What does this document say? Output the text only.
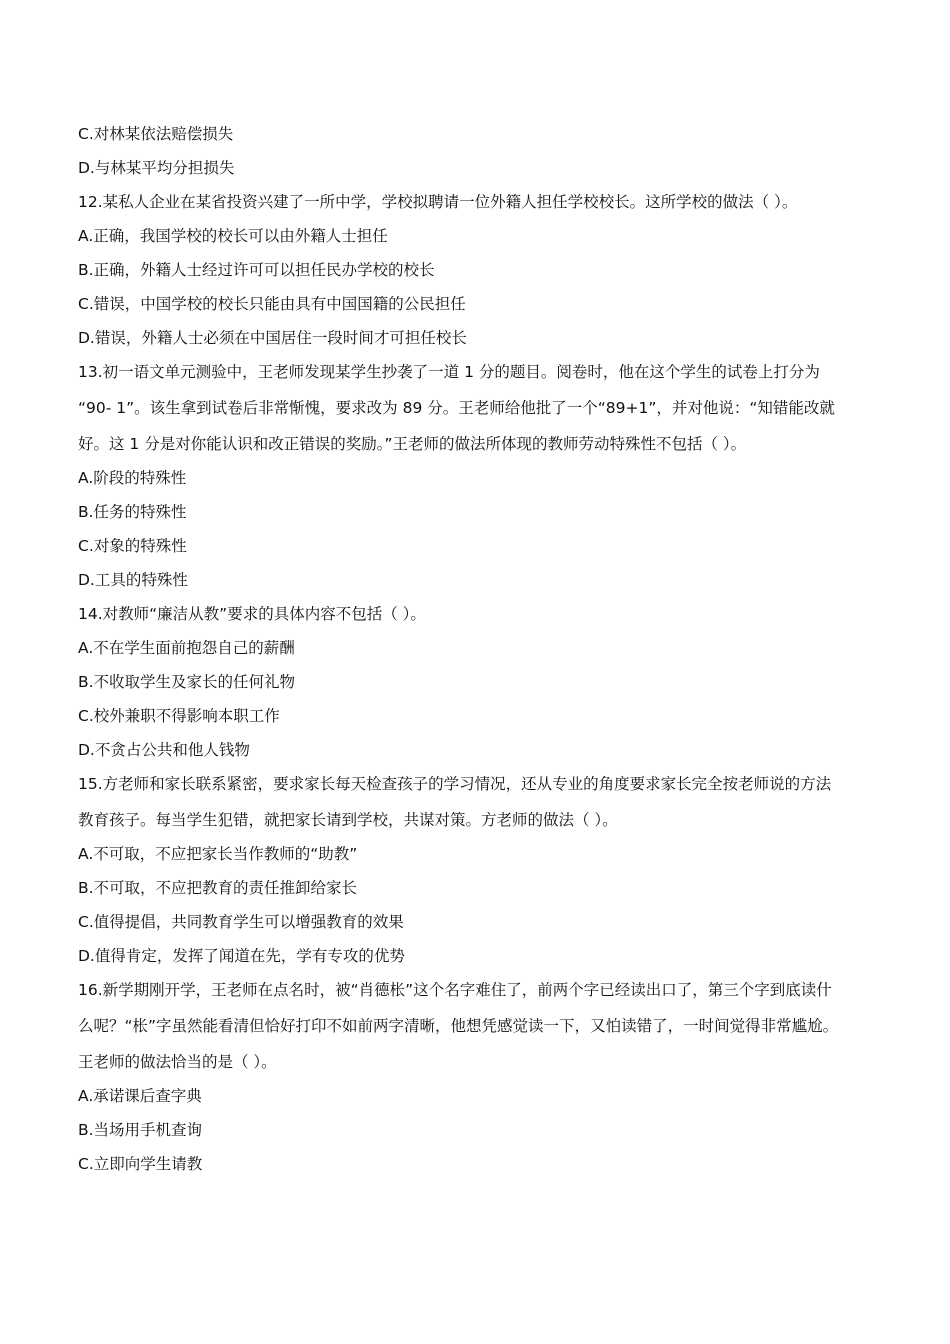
C.对林某依法赔偿损失

D.与林某平均分担损失

12.某私人企业在某省投资兴建了一所中学，学校拟聘请一位外籍人担任学校校长。这所学校的做法（ ）。

A.正确，我国学校的校长可以由外籍人士担任

B.正确，外籍人士经过许可可以担任民办学校的校长

C.错误，中国学校的校长只能由具有中国国籍的公民担任

D.错误，外籍人士必须在中国居住一段时间才可担任校长

13.初一语文单元测验中，王老师发现某学生抄袭了一道 1 分的题目。阅卷时，他在这个学生的试卷上打分为

“90- 1”。该生拿到试卷后非常惭愧，要求改为 89 分。王老师给他批了一个“89+1”，并对他说：“知错能改就

好。这 1 分是对你能认识和改正错误的奖励。”王老师的做法所体现的教师劳动特殊性不包括（ ）。

A.阶段的特殊性

B.任务的特殊性

C.对象的特殊性

D.工具的特殊性

14.对教师“廉洁从教”要求的具体内容不包括（ ）。

A.不在学生面前抱怨自己的薪酬

B.不收取学生及家长的任何礼物

C.校外兼职不得影响本职工作

D.不贪占公共和他人钱物

15.方老师和家长联系紧密，要求家长每天检查孩子的学习情况，还从专业的角度要求家长完全按老师说的方法

教育孩子。每当学生犯错，就把家长请到学校，共谋对策。方老师的做法（ ）。

A.不可取，不应把家长当作教师的“助教”

B.不可取，不应把教育的责任推卸给家长

C.值得提倡，共同教育学生可以增强教育的效果

D.值得肯定，发挥了闻道在先，学有专攻的优势

16.新学期刚开学，王老师在点名时，被“肖德枨”这个名字难住了，前两个字已经读出口了，第三个字到底读什

么呢？“枨”字虽然能看清但恰好打印不如前两字清晰，他想凭感觉读一下，又怕读错了，一时间觉得非常尴尬。

王老师的做法恰当的是（ ）。

A.承诺课后查字典

B.当场用手机查询

C.立即向学生请教
